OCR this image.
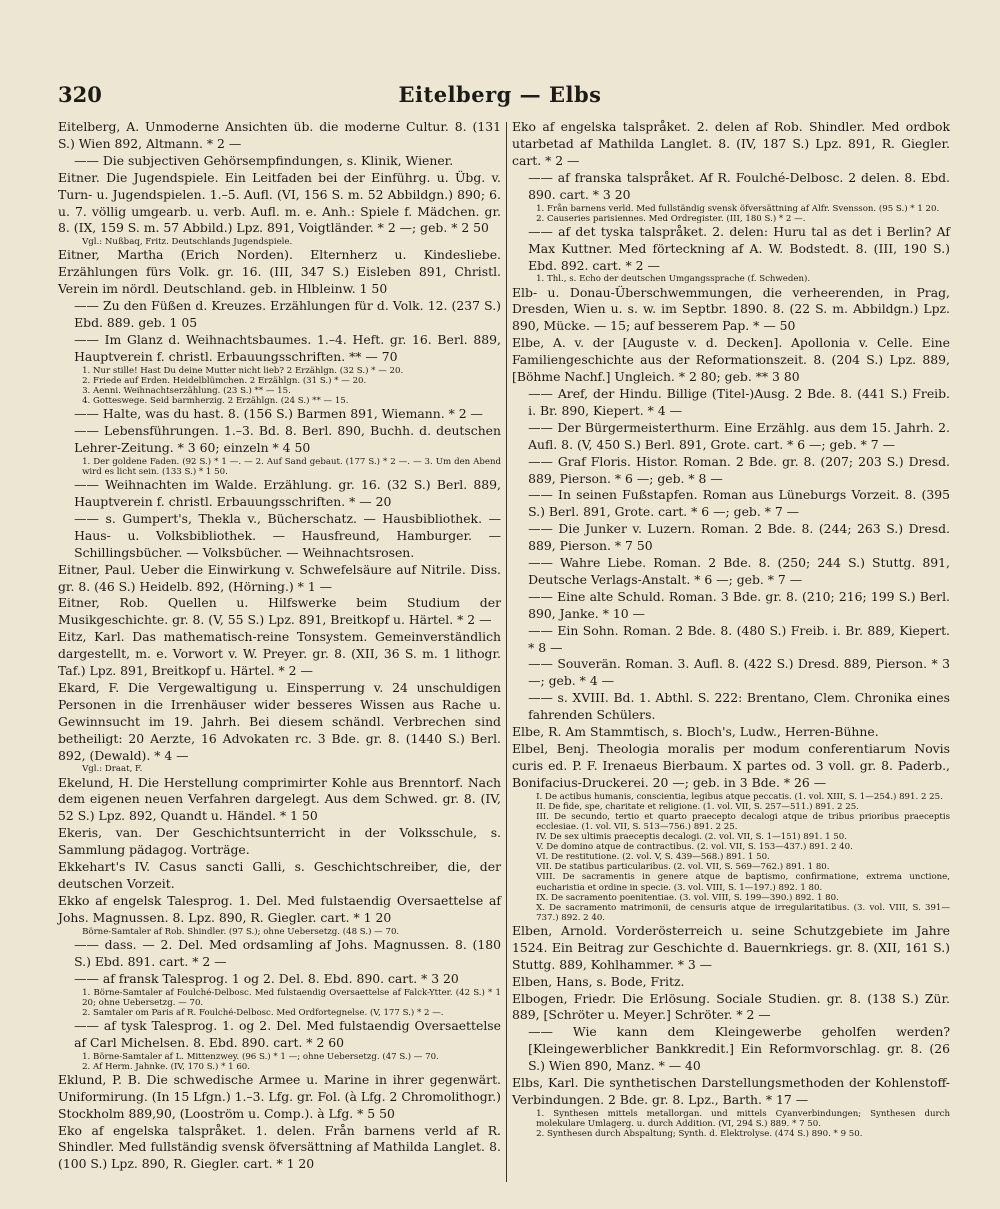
320	Eitelberg — Elbs

Eitelberg, A. Unmoderne Ansichten üb. die moderne Cultur. 8. (131 S.) Wien 892, Altmann. * 2 —

—— Die subjectiven Gehörsempfindungen, s. Klinik, Wiener.

Eitner. Die Jugendspiele. Ein Leitfaden bei der Einführg. u. Übg. v. Turn- u. Jugendspielen. 1.–5. Aufl. (VI, 156 S. m. 52 Abbildgn.) 890; 6. u. 7. völlig umgearb. u. verb. Aufl. m. e. Anh.: Spiele f. Mädchen. gr. 8. (IX, 159 S. m. 57 Abbild.) Lpz. 891, Voigtländer. * 2 —; geb. * 2 50

Vgl.: Nußbaq, Fritz. Deutschlands Jugendspiele.

Eitner, Martha (Erich Norden). Elternherz u. Kindesliebe. Erzählungen fürs Volk. gr. 16. (III, 347 S.) Eisleben 891, Christl. Verein im nördl. Deutschland. geb. in Hlbleinw. 1 50

—— Zu den Füßen d. Kreuzes. Erzählungen für d. Volk. 12. (237 S.) Ebd. 889. geb. 1 05

—— Im Glanz d. Weihnachtsbaumes. 1.–4. Heft. gr. 16. Berl. 889, Hauptverein f. christl. Erbauungsschriften. ** — 70

1. Nur stille! Hast Du deine Mutter nicht lieb? 2 Erzählgn. (32 S.) * — 20.

2. Friede auf Erden. Heidelblümchen. 2 Erzählgn. (31 S.) * — 20.

3. Aenni. Weihnachtserzählung. (23 S.) ** — 15.

4. Gotteswege. Seid barmherzig. 2 Erzählgn. (24 S.) ** — 15.

—— Halte, was du hast. 8. (156 S.) Barmen 891, Wiemann. * 2 —

—— Lebensführungen. 1.–3. Bd. 8. Berl. 890, Buchh. d. deutschen Lehrer-Zeitung. * 3 60; einzeln * 4 50

1. Der goldene Faden. (92 S.) * 1 —. — 2. Auf Sand gebaut. (177 S.) * 2 —. — 3. Um den Abend wird es licht sein. (133 S.) * 1 50.

—— Weihnachten im Walde. Erzählung. gr. 16. (32 S.) Berl. 889, Hauptverein f. christl. Erbauungsschriften. * — 20

—— s. Gumpert's, Thekla v., Bücherschatz. — Hausbibliothek. — Haus- u. Volksbibliothek. — Hausfreund, Hamburger. — Schillingsbücher. — Volksbücher. — Weihnachtsrosen.

Eitner, Paul. Ueber die Einwirkung v. Schwefelsäure auf Nitrile. Diss. gr. 8. (46 S.) Heidelb. 892, (Hörning.) * 1 —

Eitner, Rob. Quellen u. Hilfswerke beim Studium der Musikgeschichte. gr. 8. (V, 55 S.) Lpz. 891, Breitkopf u. Härtel. * 2 —

Eitz, Karl. Das mathematisch-reine Tonsystem. Gemeinverständlich dargestellt, m. e. Vorwort v. W. Preyer. gr. 8. (XII, 36 S. m. 1 lithogr. Taf.) Lpz. 891, Breitkopf u. Härtel. * 2 —

Ekard, F. Die Vergewaltigung u. Einsperrung v. 24 unschuldigen Personen in die Irrenhäuser wider besseres Wissen aus Rache u. Gewinnsucht im 19. Jahrh. Bei diesem schändl. Verbrechen sind betheiligt: 20 Aerzte, 16 Advokaten rc. 3 Bde. gr. 8. (1440 S.) Berl. 892, (Dewald). * 4 —

Vgl.: Draat, F.

Ekelund, H. Die Herstellung comprimirter Kohle aus Brenntorf. Nach dem eigenen neuen Verfahren dargelegt. Aus dem Schwed. gr. 8. (IV, 52 S.) Lpz. 892, Quandt u. Händel. * 1 50

Ekeris, van. Der Geschichtsunterricht in der Volksschule, s. Sammlung pädagog. Vorträge.

Ekkehart's IV. Casus sancti Galli, s. Geschichtschreiber, die, der deutschen Vorzeit.

Ekko af engelsk Talesprog. 1. Del. Med fulstaendig Oversaettelse af Johs. Magnussen. 8. Lpz. 890, R. Giegler. cart. * 1 20

Börne-Samtaler af Rob. Shindler. (97 S.); ohne Uebersetzg. (48 S.) — 70.

—— dass. — 2. Del. Med ordsamling af Johs. Magnussen. 8. (180 S.) Ebd. 891. cart. * 2 —

—— af fransk Talesprog. 1 og 2. Del. 8. Ebd. 890. cart. * 3 20

1. Börne-Samtaler af Foulché-Delbosc. Med fulstaendig Oversaettelse af Falck-Ytter. (42 S.) * 1 20; ohne Uebersetzg. — 70.

2. Samtaler om Paris af R. Foulché-Delbosc. Med Ordfortegnelse. (V, 177 S.) * 2 —.

—— af tysk Talesprog. 1. og 2. Del. Med fulstaendig Oversaettelse af Carl Michelsen. 8. Ebd. 890. cart. * 2 60

1. Börne-Samtaler af L. Mittenzwey. (96 S.) * 1 —; ohne Uebersetzg. (47 S.) — 70.

2. Af Herm. Jahnke. (IV, 170 S.) * 1 60.

Eklund, P. B. Die schwedische Armee u. Marine in ihrer gegenwärt. Uniformirung. (In 15 Lfgn.) 1.–3. Lfg. gr. Fol. (à Lfg. 2 Chromolithogr.) Stockholm 889,90, (Looström u. Comp.). à Lfg. * 5 50

Eko af engelska talspråket. 1. delen. Från barnens verld af R. Shindler. Med fullständig svensk öfversättning af Mathilda Langlet. 8. (100 S.) Lpz. 890, R. Giegler. cart. * 1 20

Eko af engelska talspråket. 2. delen af Rob. Shindler. Med ordbok utarbetad af Mathilda Langlet. 8. (IV, 187 S.) Lpz. 891, R. Giegler. cart. * 2 —

—— af franska talspråket. Af R. Foulché-Delbosc. 2 delen. 8. Ebd. 890. cart. * 3 20

1. Från barnens verld. Med fullständig svensk öfversättning af Alfr. Svensson. (95 S.) * 1 20.

2. Causeries parisiennes. Med Ordregister. (III, 180 S.) * 2 —.

—— af det tyska talspråket. 2. delen: Huru tal as det i Berlin? Af Max Kuttner. Med förteckning af A. W. Bodstedt. 8. (III, 190 S.) Ebd. 892. cart. * 2 —

1. Thl., s. Echo der deutschen Umgangssprache (f. Schweden).

Elb- u. Donau-Überschwemmungen, die verheerenden, in Prag, Dresden, Wien u. s. w. im Septbr. 1890. 8. (22 S. m. Abbildgn.) Lpz. 890, Mücke. — 15; auf besserem Pap. * — 50

Elbe, A. v. der [Auguste v. d. Decken]. Apollonia v. Celle. Eine Familiengeschichte aus der Reformationszeit. 8. (204 S.) Lpz. 889, [Böhme Nachf.] Ungleich. * 2 80; geb. ** 3 80

—— Aref, der Hindu. Billige (Titel-)Ausg. 2 Bde. 8. (441 S.) Freib. i. Br. 890, Kiepert. * 4 —

—— Der Bürgermeisterthurm. Eine Erzählg. aus dem 15. Jahrh. 2. Aufl. 8. (V, 450 S.) Berl. 891, Grote. cart. * 6 —; geb. * 7 —

—— Graf Floris. Histor. Roman. 2 Bde. gr. 8. (207; 203 S.) Dresd. 889, Pierson. * 6 —; geb. * 8 —

—— In seinen Fußstapfen. Roman aus Lüneburgs Vorzeit. 8. (395 S.) Berl. 891, Grote. cart. * 6 —; geb. * 7 —

—— Die Junker v. Luzern. Roman. 2 Bde. 8. (244; 263 S.) Dresd. 889, Pierson. * 7 50

—— Wahre Liebe. Roman. 2 Bde. 8. (250; 244 S.) Stuttg. 891, Deutsche Verlags-Anstalt. * 6 —; geb. * 7 —

—— Eine alte Schuld. Roman. 3 Bde. gr. 8. (210; 216; 199 S.) Berl. 890, Janke. * 10 —

—— Ein Sohn. Roman. 2 Bde. 8. (480 S.) Freib. i. Br. 889, Kiepert. * 8 —

—— Souverän. Roman. 3. Aufl. 8. (422 S.) Dresd. 889, Pierson. * 3 —; geb. * 4 —

—— s. XVIII. Bd. 1. Abthl. S. 222: Brentano, Clem. Chronika eines fahrenden Schülers.

Elbe, R. Am Stammtisch, s. Bloch's, Ludw., Herren-Bühne.

Elbel, Benj. Theologia moralis per modum conferentiarum Novis curis ed. P. F. Irenaeus Bierbaum. X partes od. 3 voll. gr. 8. Paderb., Bonifacius-Druckerei. 20 —; geb. in 3 Bde. * 26 —

I. De actibus humanis, conscientia, legibus atque peccatis. (1. vol. XIII, S. 1—254.) 891. 2 25.

II. De fide, spe, charitate et religione. (1. vol. VII, S. 257—511.) 891. 2 25.

III. De secundo, tertio et quarto praecepto decalogi atque de tribus prioribus praeceptis ecclesiae. (1. vol. VII, S. 513—756.) 891. 2 25.

IV. De sex ultimis praeceptis decalogi. (2. vol. VII, S. 1—151) 891. 1 50.

V. De domino atque de contractibus. (2. vol. VII, S. 153—437.) 891. 2 40.

VI. De restitutione. (2. vol. V, S. 439—568.) 891. 1 50.

VII. De statibus particularibus. (2. vol. VII, S. 569—762.) 891. 1 80.

VIII. De sacramentis in genere atque de baptismo, confirmatione, extrema unctione, eucharistia et ordine in specie. (3. vol. VIII, S. 1—197.) 892. 1 80.

IX. De sacramento poenitentiae. (3. vol. VIII, S. 199—390.) 892. 1 80.

X. De sacramento matrimonii, de censuris atque de irregularitatibus. (3. vol. VIII, S. 391—737.) 892. 2 40.

Elben, Arnold. Vorderösterreich u. seine Schutzgebiete im Jahre 1524. Ein Beitrag zur Geschichte d. Bauernkriegs. gr. 8. (XII, 161 S.) Stuttg. 889, Kohlhammer. * 3 —

Elben, Hans, s. Bode, Fritz.

Elbogen, Friedr. Die Erlösung. Sociale Studien. gr. 8. (138 S.) Zür. 889, [Schröter u. Meyer.] Schröter. * 2 —

—— Wie kann dem Kleingewerbe geholfen werden? [Kleingewerblicher Bankkredit.] Ein Reformvorschlag. gr. 8. (26 S.) Wien 890, Manz. * — 40

Elbs, Karl. Die synthetischen Darstellungsmethoden der Kohlenstoff-Verbindungen. 2 Bde. gr. 8. Lpz., Barth. * 17 —

1. Synthesen mittels metallorgan. und mittels Cyanverbindungen; Synthesen durch molekulare Umlagerg. u. durch Addition. (VI, 294 S.) 889. * 7 50.

2. Synthesen durch Abspaltung; Synth. d. Elektrolyse. (474 S.) 890. * 9 50.
